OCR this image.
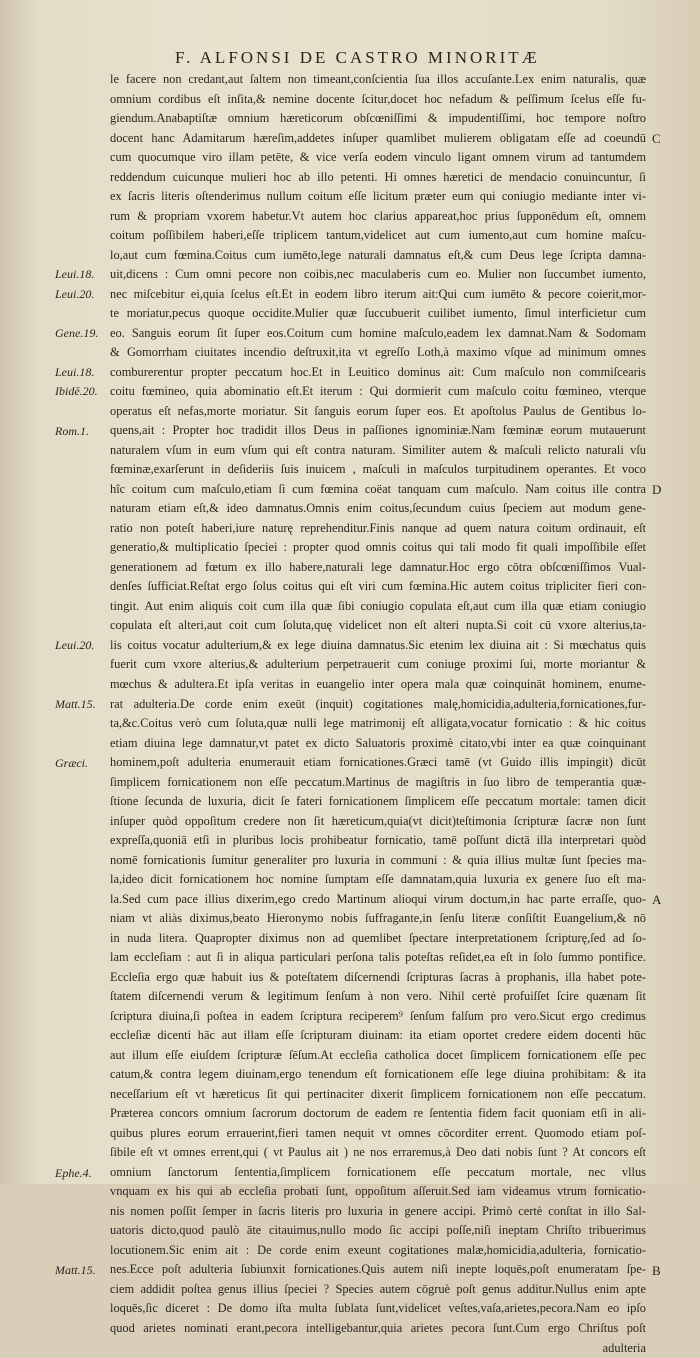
F. ALFONSI DE CASTRO MINORITÆ
le facere non credant,aut ſaltem non timeant,conſcientia ſua illos accuſante.Lex enim naturalis, quæ
omnium cordibus eſt inſita,& nemine docente ſcitur,docet hoc nefadum & peſſimum ſcelus eſſe fu-
giendum.Anabaptiſtæ omnium hæreticorum obſcœniſſimi & impudentiſſimi, hoc tempore noſtro
docent hanc Adamitarum hæreſim,addetes inſuper quamlibet mulierem obligatam eſſe ad coeundū
cum quocumque viro illam petēte, & vice verſa eodem vinculo ligant omnem virum ad tantumdem
reddendum cuicunque mulieri hoc ab illo petenti. Hi omnes hæretici de mendacio conuincuntur, ſi
ex ſacris literis oſtenderimus nullum coitum eſſe licitum præter eum qui coniugio mediante inter vi-
rum & propriam vxorem habetur.Vt autem hoc clarius appareat,hoc prius ſupponēdum eſt, omnem
coitum poſſibilem haberi,eſſe triplicem tantum,videlicet aut cum iumento,aut cum homine maſcu-
lo,aut cum fœmina.Coitus cum iumēto,lege naturali damnatus eſt,& cum Deus lege ſcripta damna-
uit,dicens : Cum omni pecore non coibis,nec maculaberis cum eo. Mulier non ſuccumbet iumento,
nec miſcebitur ei,quia ſcelus eſt.Et in eodem libro iterum ait:Qui cum iumēto & pecore coierit,mor-
te moriatur,pecus quoque occidite.Mulier quæ ſuccubuerit cuilibet iumento, ſimul interficietur cum
eo. Sanguis eorum ſit ſuper eos.Coitum cum homine maſculo,eadem lex damnat.Nam & Sodomam
& Gomorrham ciuitates incendio deſtruxit,ita vt egreſſo Loth,à maximo vſque ad minimum omnes
comburerentur propter peccatum hoc.Et in Leuitico dominus ait: Cum maſculo non commiſcearis
coitu fœmineo, quia abominatio eſt.Et iterum : Qui dormierit cum maſculo coitu fœmineo, vterque
operatus eſt nefas,morte moriatur. Sit ſanguis eorum ſuper eos. Et apoſtolus Paulus de Gentibus lo-
quens,ait : Propter hoc tradidit illos Deus in paſſiones ignominiæ.Nam fœminæ eorum mutauerunt
naturalem vſum in eum vſum qui eſt contra naturam. Similiter autem & maſculi relicto naturali vſu
fœminæ,exarſerunt in deſideriis ſuis inuicem , maſculi in maſculos turpitudinem operantes. Et voco
hîc coitum cum maſculo,etiam ſi cum fœmina coëat tanquam cum maſculo. Nam coitus ille contra
naturam etiam eſt,& ideo damnatus.Omnis enim coitus,ſecundum cuius ſpeciem aut modum gene-
ratio non poteſt haberi,iure naturę reprehenditur.Finis nanque ad quem natura coitum ordinauit, eſt
generatio,& multiplicatio ſpeciei : propter quod omnis coitus qui tali modo fit quali impoſſibile eſſet
generationem ad fœtum ex illo habere,naturali lege damnatur.Hoc ergo cōtra obſcœniſſimos Vual-
denſes ſufficiat.Reſtat ergo ſolus coitus qui eſt viri cum fœmina.Hic autem coitus tripliciter fieri con-
tingit. Aut enim aliquis coit cum illa quæ ſibi coniugio copulata eſt,aut cum illa quæ etiam coniugio
copulata eſt alteri,aut coit cum ſoluta,quę videlicet non eſt alteri nupta.Si coit cū vxore alterius,ta-
lis coitus vocatur adulterium,& ex lege diuina damnatus.Sic etenim lex diuina ait : Si mœchatus quis
fuerit cum vxore alterius,& adulterium perpetrauerit cum coniuge proximi ſui, morte moriantur &
mœchus & adultera.Et ipſa veritas in euangelio inter opera mala quæ coinquināt hominem, enume-
rat adulteria.De corde enim exeūt (inquit) cogitationes malę,homicidia,adulteria,fornicationes,fur-
ta,&c.Coitus verò cum ſoluta,quæ nulli lege matrimonij eſt alligata,vocatur fornicatio : & hic coitus
etiam diuina lege damnatur,vt patet ex dicto Saluatoris proximè citato,vbi inter ea quæ coinquinant
hominem,poſt adulteria enumerauit etiam fornicationes.Græci tamē (vt Guido illis impingit) dicūt
ſimplicem fornicationem non eſſe peccatum.Martinus de magiſtris in ſuo libro de temperantia quæ-
ſtione ſecunda de luxuria, dicit ſe fateri fornicationem ſimplicem eſſe peccatum mortale: tamen dicit
inſuper quòd oppoſitum credere non ſit hæreticum,quia(vt dicit)teſtimonia ſcripturæ ſacræ non ſunt
expreſſa,quoniā etſi in pluribus locis prohibeatur fornicatio, tamē poſſunt dictā illa interpretari quòd
nomē fornicationis ſumitur generaliter pro luxuria in communi : & quia illius multæ ſunt ſpecies ma-
la,ideo dicit fornicationem hoc nomine ſumptam eſſe damnatam,quia luxuria ex genere ſuo eſt ma-
la.Sed cum pace illius dixerim,ego credo Martinum alioqui virum doctum,in hac parte erraſſe, quo-
niam vt aliàs diximus,beato Hieronymo nobis ſuffragante,in ſenſu literæ conſiſtit Euangelium,& nō
in nuda litera. Quapropter diximus non ad quemlibet ſpectare interpretationem ſcripturę,ſed ad ſo-
lam eccleſiam : aut ſi in aliqua particulari perſona talis poteſtas reſidet,ea eſt in ſolo ſummo pontifice.
Eccleſia ergo quæ habuit ius & poteſtatem diſcernendi ſcripturas ſacras à prophanis, illa habet pote-
ſtatem diſcernendi verum & legitimum ſenſum à non vero. Nihil certè profuiſſet ſcire quænam ſit
ſcriptura diuina,ſi poſtea in eadem ſcriptura reciperem⁹ ſenſum falſum pro vero.Sicut ergo credimus
eccleſiæ dicenti hāc aut illam eſſe ſcripturam diuinam: ita etiam oportet credere eidem docenti hūc
aut illum eſſe eiuſdem ſcripturæ ſēſum.At eccleſia catholica docet ſimplicem fornicationem eſſe pec
catum,& contra legem diuinam,ergo tenendum eſt fornicationem eſſe lege diuina prohibitam: & ita
neceſſarium eſt vt hæreticus ſit qui pertinaciter dixerit ſimplicem fornicationem non eſſe peccatum.
Præterea concors omnium ſacrorum doctorum de eadem re ſententia fidem facit quoniam etſi in ali-
quibus plures eorum errauerint,fieri tamen nequit vt omnes cōcorditer errent. Quomodo etiam poſ-
ſibile eſt vt omnes errent,qui ( vt Paulus ait ) ne nos erraremus,à Deo dati nobis ſunt ? At concors eſt
omnium ſanctorum ſententia,ſimplicem fornicationem eſſe peccatum mortale, nec vllus
vnquam ex his qui ab eccleſia probati ſunt, oppoſitum aſſeruit.Sed iam videamus vtrum fornicatio-
nis nomen poſſit ſemper in ſacris literis pro luxuria in genere accipi. Primò certè conſtat in illo Sal-
uatoris dicto,quod paulò āte citauimus,nullo modo ſic accipi poſſe,niſi ineptam Chriſto tribuerimus
locutionem.Sic enim ait : De corde enim exeunt cogitationes malæ,homicidia,adulteria, fornicatio-
nes.Ecce poſt adulteria ſubiunxit fornicationes.Quis autem niſi inepte loquēs,poſt enumeratam ſpe-
ciem addidit poſtea genus illius ſpeciei ? Species autem cōgruè poſt genus additur.Nullus enim apte
loquēs,ſic diceret : De domo iſta multa ſublata ſunt,videlicet veſtes,vaſa,arietes,pecora.Nam eo ipſo
quod arietes nominati erant,pecora intelligebantur,quia arietes pecora ſunt.Cum ergo Chriſtus poſt
adulteria
Leui.18.
Leui.20.
Gene.19.
Leui.18.
Ibidē.20.
Rom.1.
Leui.20.
Matt.15.
Græci.
Ephe.4.
Matt.15.
C
D
A
B
